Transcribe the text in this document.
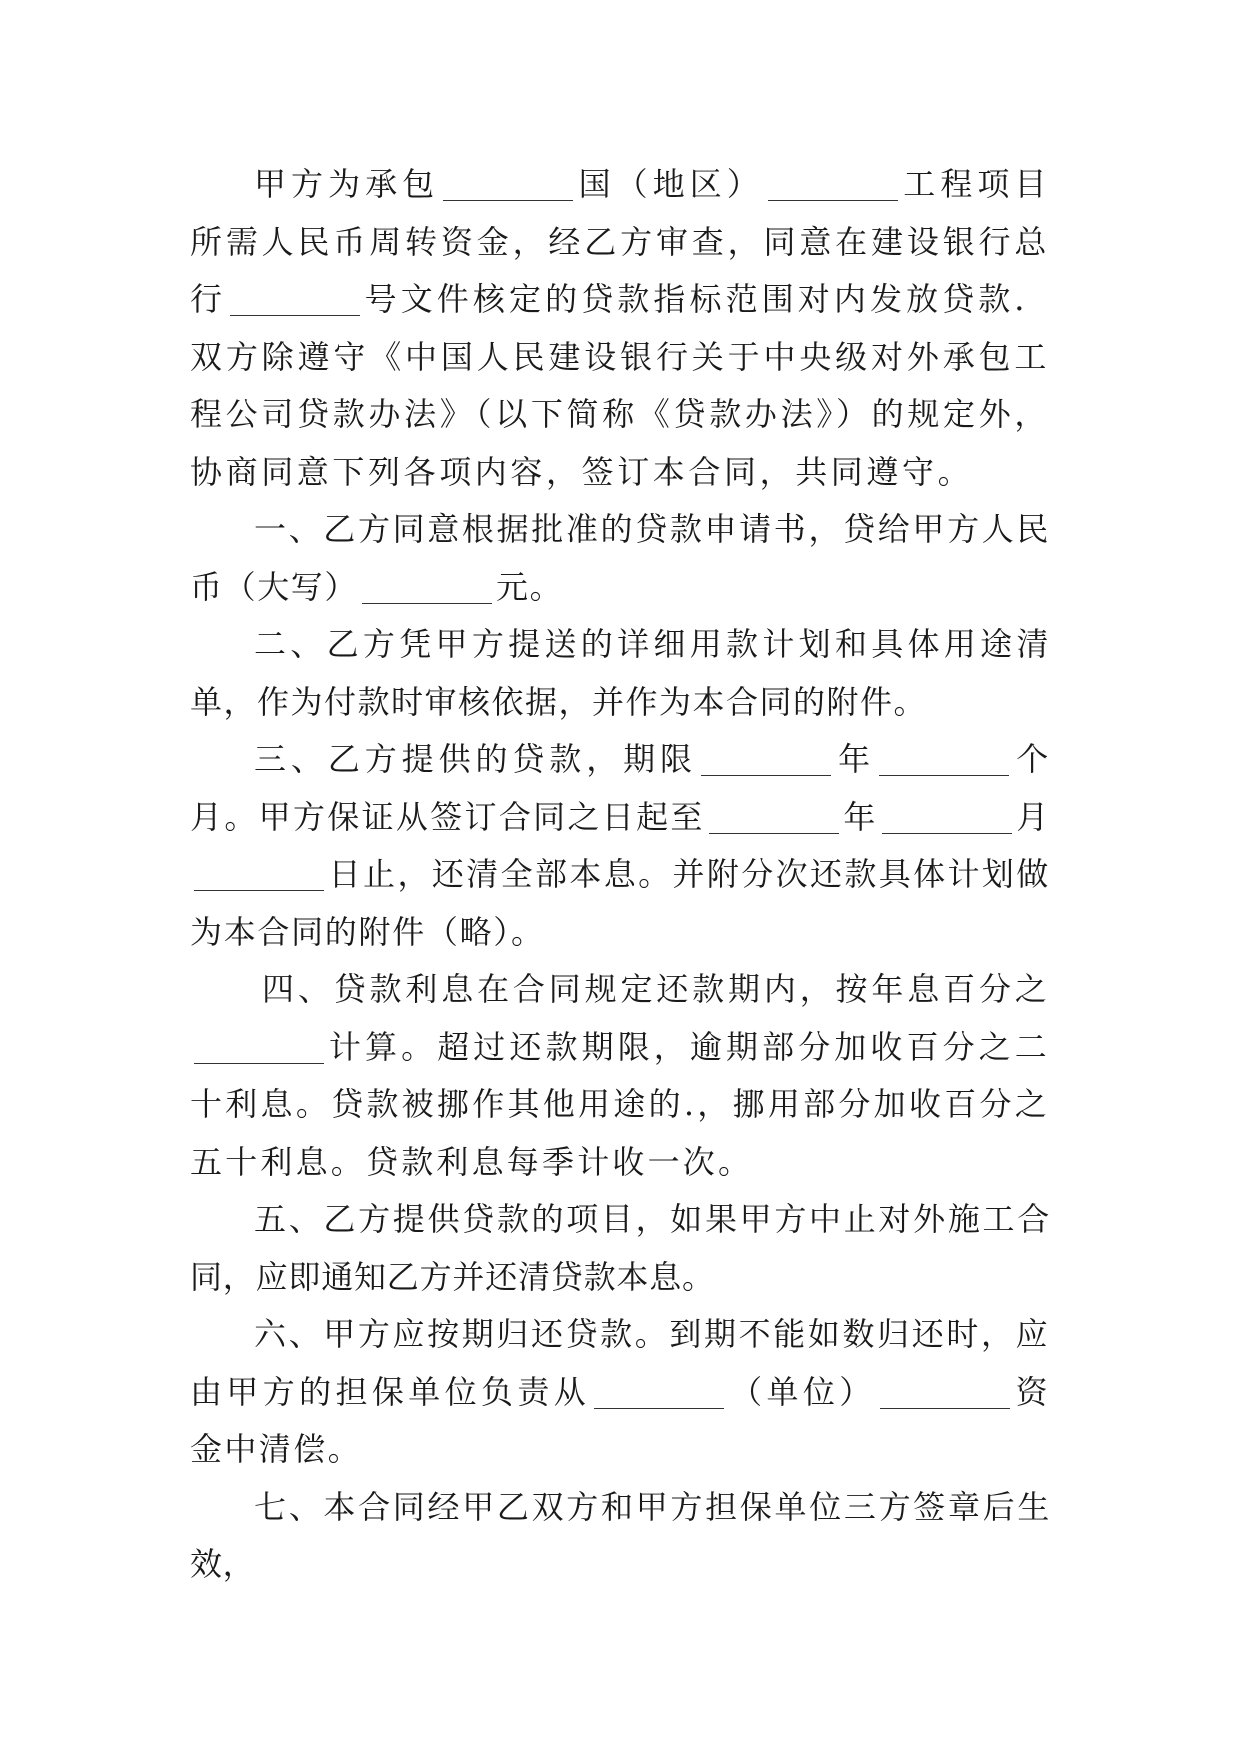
甲方为承包	国（地区）	工程项目所需人民币周转资金，经乙方审查，同意在建设银行总行	号文件核定的贷款指标范围对内发放贷款．双方除遵守《中国人民建设银行关于中央级对外承包工程公司贷款办法》（以下简称《贷款办法》）的规定外，协商同意下列各项内容，签订本合同，共同遵守。

一、乙方同意根据批准的贷款申请书，贷给甲方人民币（大写）	元。

二、乙方凭甲方提送的详细用款计划和具体用途清单，作为付款时审核依据，并作为本合同的附件。

三、乙方提供的贷款，期限	年	个月。甲方保证从签订合同之日起至	年	月日止，还清全部本息。并附分次还款具体计划做为本合同的附件（略）。

四、贷款利息在合同规定还款期内，按年息百分之计算。超过还款期限，逾期部分加收百分之二十利息。贷款被挪作其他用途的.，挪用部分加收百分之五十利息。贷款利息每季计收一次。

五、乙方提供贷款的项目，如果甲方中止对外施工合同，应即通知乙方并还清贷款本息。

六、甲方应按期归还贷款。到期不能如数归还时，应由甲方的担保单位负责从	（单位）	资金中清偿。

七、本合同经甲乙双方和甲方担保单位三方签章后生效，
